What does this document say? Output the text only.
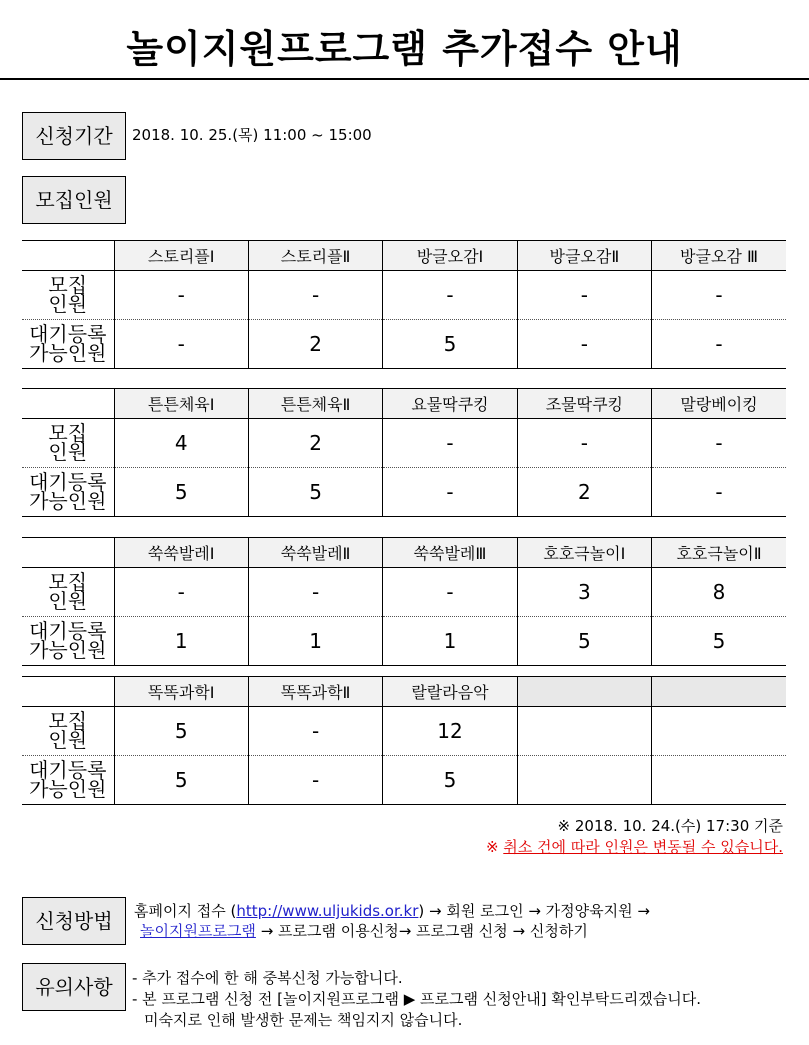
놀이지원프로그램 추가접수 안내
신청기간	2018. 10. 25.(목) 11:00 ~ 15:00
모집인원
	스토리플Ⅰ	스토리플Ⅱ	방글오감Ⅰ	방글오감Ⅱ	방글오감 Ⅲ

모집
인원	-	-	-	-	-

대기등록
가능인원	-	2	5	-	-
	튼튼체육Ⅰ	튼튼체육Ⅱ	요물딱쿠킹	조물딱쿠킹	말랑베이킹

모집
인원	4	2	-	-	-

대기등록
가능인원	5	5	-	2	-
	쑥쑥발레Ⅰ	쑥쑥발레Ⅱ	쑥쑥발레Ⅲ	호호극놀이Ⅰ	호호극놀이Ⅱ

모집
인원	-	-	-	3	8

대기등록
가능인원	1	1	1	5	5
	똑똑과학Ⅰ	똑똑과학Ⅱ	랄랄라음악		

모집
인원	5	-	12		

대기등록
가능인원	5	-	5		
※ 2018. 10. 24.(수) 17:30 기준
※ 취소 건에 따라 인원은 변동될 수 있습니다.
신청방법	홈페이지 접수 (http://www.uljukids.or.kr) → 회원 로그인 → 가정양육지원 →
놀이지원프로그램 → 프로그램 이용신청→ 프로그램 신청 → 신청하기
유의사항	- 추가 접수에 한 해 중복신청 가능합니다.
- 본 프로그램 신청 전 [놀이지원프로그램 ▶ 프로그램 신청안내] 확인부탁드리겠습니다.
미숙지로 인해 발생한 문제는 책임지지 않습니다.
